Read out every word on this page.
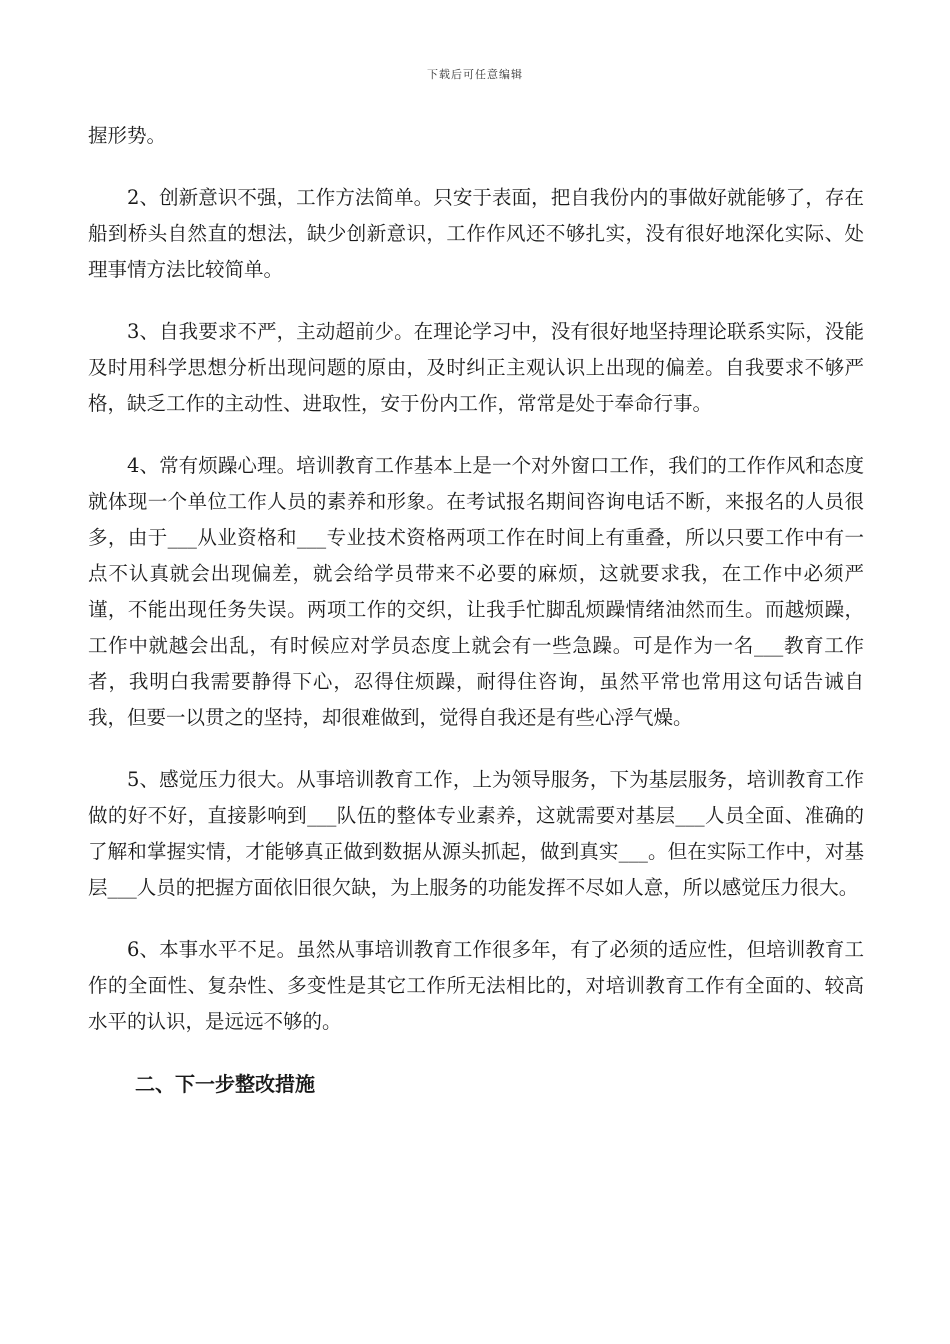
下载后可任意编辑

握形势。

2、创新意识不强，工作方法简单。只安于表面，把自我份内的事做好就能够了，存在船到桥头自然直的想法，缺少创新意识，工作作风还不够扎实，没有很好地深化实际、处理事情方法比较简单。

3、自我要求不严，主动超前少。在理论学习中，没有很好地坚持理论联系实际，没能及时用科学思想分析出现问题的原由，及时纠正主观认识上出现的偏差。自我要求不够严格，缺乏工作的主动性、进取性，安于份内工作，常常是处于奉命行事。

4、常有烦躁心理。培训教育工作基本上是一个对外窗口工作，我们的工作作风和态度就体现一个单位工作人员的素养和形象。在考试报名期间咨询电话不断，来报名的人员很多，由于___从业资格和___专业技术资格两项工作在时间上有重叠，所以只要工作中有一点不认真就会出现偏差，就会给学员带来不必要的麻烦，这就要求我，在工作中必须严谨，不能出现任务失误。两项工作的交织，让我手忙脚乱烦躁情绪油然而生。而越烦躁，工作中就越会出乱，有时候应对学员态度上就会有一些急躁。可是作为一名___教育工作者，我明白我需要静得下心，忍得住烦躁，耐得住咨询，虽然平常也常用这句话告诫自我，但要一以贯之的坚持，却很难做到，觉得自我还是有些心浮气燥。

5、感觉压力很大。从事培训教育工作，上为领导服务，下为基层服务，培训教育工作做的好不好，直接影响到___队伍的整体专业素养，这就需要对基层___人员全面、准确的了解和掌握实情，才能够真正做到数据从源头抓起，做到真实___。但在实际工作中，对基层___人员的把握方面依旧很欠缺，为上服务的功能发挥不尽如人意，所以感觉压力很大。

6、本事水平不足。虽然从事培训教育工作很多年，有了必须的适应性，但培训教育工作的全面性、复杂性、多变性是其它工作所无法相比的，对培训教育工作有全面的、较高水平的认识，是远远不够的。

二、下一步整改措施
